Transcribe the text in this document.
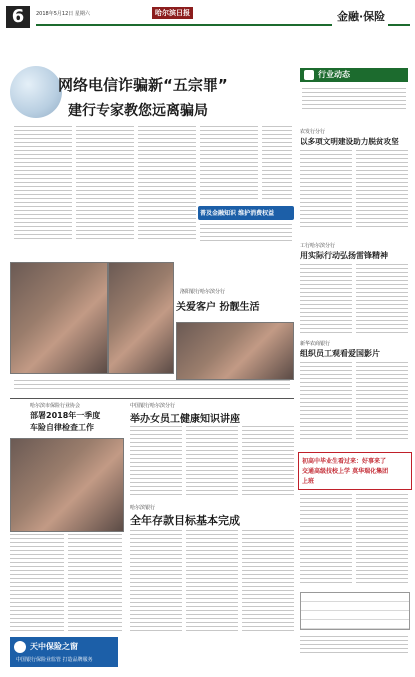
6	2018年5月12日 星期六	哈尔滨日报	金融·保险
网络电信诈骗新“五宗罪”
建行专家教您远离骗局
普及金融知识 维护消费权益
行业动态
农发行分行
以多项文明建设助力脱贫攻坚
工行哈尔滨分行
用实际行动弘扬雷锋精神
新华农商银行
组织员工观看爱国影片
洛阳银行哈尔滨分行
关爱客户 扮靓生活
哈尔滨市保险行业协会
部署2018年一季度
车险自律检查工作
中国银行哈尔滨分行
举办女员工健康知识讲座
哈尔滨银行
全年存款目标基本完成
初高中毕业生看过来：好事来了
交通高级技校上学 莫华瑞化集团
上班
天中保险之窗
中国银行保险业监管 打造品牌服务
